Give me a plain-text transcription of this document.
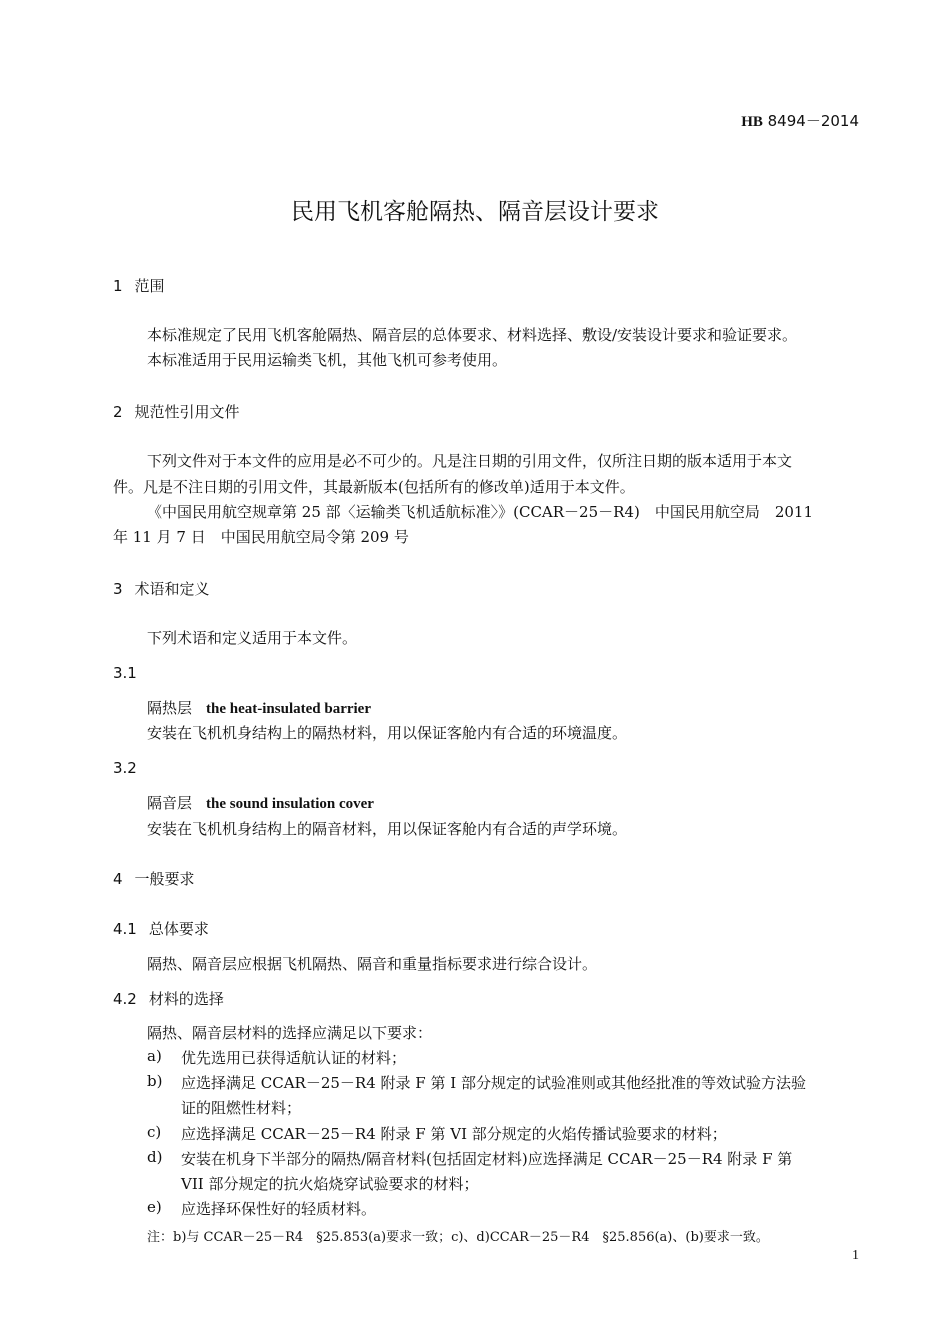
HB 8494－2014
民用飞机客舱隔热、隔音层设计要求
1 范围
本标准规定了民用飞机客舱隔热、隔音层的总体要求、材料选择、敷设/安装设计要求和验证要求。
本标准适用于民用运输类飞机，其他飞机可参考使用。
2 规范性引用文件
下列文件对于本文件的应用是必不可少的。凡是注日期的引用文件，仅所注日期的版本适用于本文
件。凡是不注日期的引用文件，其最新版本(包括所有的修改单)适用于本文件。
《中国民用航空规章第 25 部〈运输类飞机适航标准〉》(CCAR－25－R4)　中国民用航空局　2011
年 11 月 7 日　中国民用航空局令第 209 号
3 术语和定义
下列术语和定义适用于本文件。
3.1
隔热层 the heat-insulated barrier
安装在飞机机身结构上的隔热材料，用以保证客舱内有合适的环境温度。
3.2
隔音层 the sound insulation cover
安装在飞机机身结构上的隔音材料，用以保证客舱内有合适的声学环境。
4 一般要求
4.1 总体要求
隔热、隔音层应根据飞机隔热、隔音和重量指标要求进行综合设计。
4.2 材料的选择
隔热、隔音层材料的选择应满足以下要求：
a) 优先选用已获得适航认证的材料；
b) 应选择满足 CCAR－25－R4 附录 F 第 I 部分规定的试验准则或其他经批准的等效试验方法验
证的阻燃性材料；
c) 应选择满足 CCAR－25－R4 附录 F 第 VI 部分规定的火焰传播试验要求的材料；
d) 安装在机身下半部分的隔热/隔音材料(包括固定材料)应选择满足 CCAR－25－R4 附录 F 第
VII 部分规定的抗火焰烧穿试验要求的材料；
e) 应选择环保性好的轻质材料。
注：b)与 CCAR－25－R4　§25.853(a)要求一致；c)、d)CCAR－25－R4　§25.856(a)、(b)要求一致。
1
